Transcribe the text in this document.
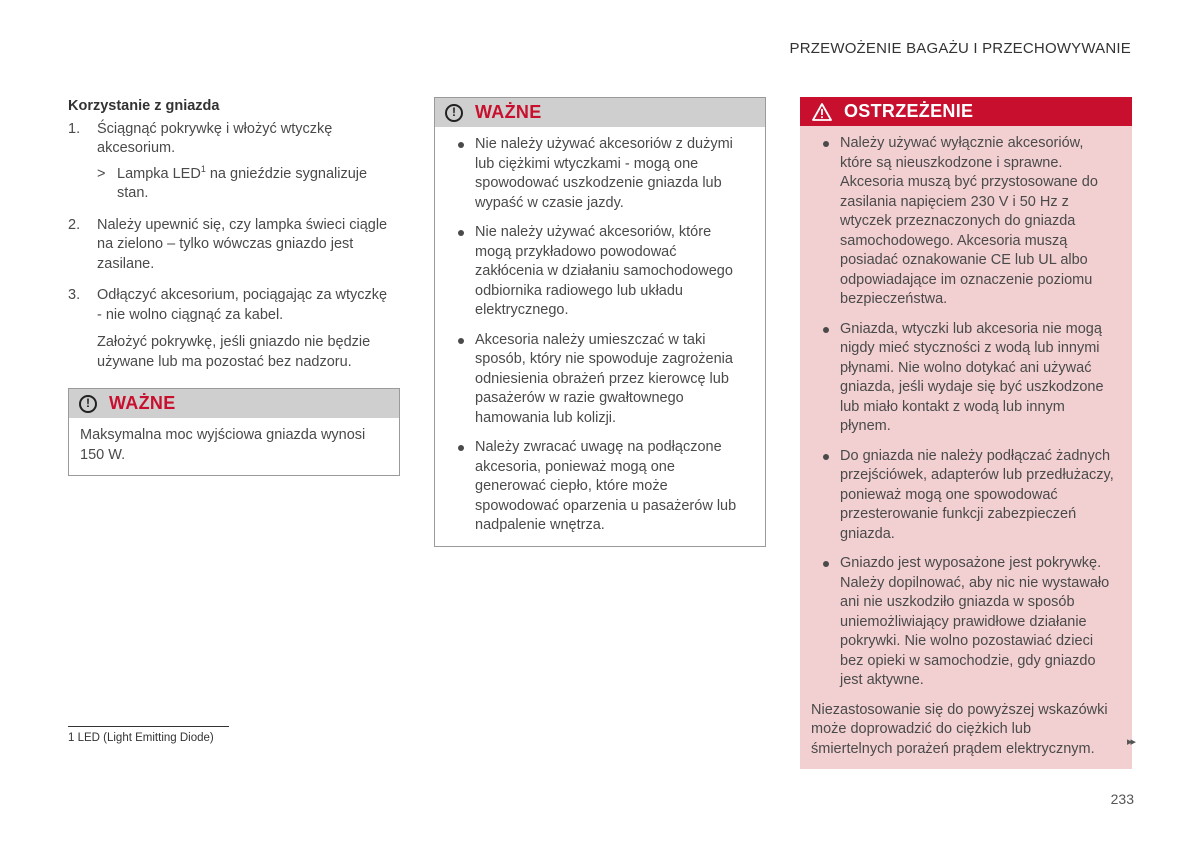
PRZEWOŻENIE BAGAŻU I PRZECHOWYWANIE
Korzystanie z gniazda
1. Ściągnąć pokrywkę i włożyć wtyczkę akcesorium.
> Lampka LED$^1$ na gnieździe sygnalizuje stan.
2. Należy upewnić się, czy lampka świeci ciągle na zielono – tylko wówczas gniazdo jest zasilane.
3. Odłączyć akcesorium, pociągając za wtyczkę - nie wolno ciągnąć za kabel.
Założyć pokrywkę, jeśli gniazdo nie będzie używane lub ma pozostać bez nadzoru.
!	WAŻNE
Maksymalna moc wyjściowa gniazda wynosi 150 W.
!	WAŻNE
Nie należy używać akcesoriów z dużymi lub ciężkimi wtyczkami - mogą one spowodować uszkodzenie gniazda lub wypaść w czasie jazdy.
Nie należy używać akcesoriów, które mogą przykładowo powodować zakłócenia w działaniu samochodowego odbiornika radiowego lub układu elektrycznego.
Akcesoria należy umieszczać w taki sposób, który nie spowoduje zagrożenia odniesienia obrażeń przez kierowcę lub pasażerów w razie gwałtownego hamowania lub kolizji.
Należy zwracać uwagę na podłączone akcesoria, ponieważ mogą one generować ciepło, które może spowodować oparzenia u pasażerów lub nadpalenie wnętrza.
OSTRZEŻENIE
Należy używać wyłącznie akcesoriów, które są nieuszkodzone i sprawne. Akcesoria muszą być przystosowane do zasilania napięciem 230 V i 50 Hz z wtyczek przeznaczonych do gniazda samochodowego. Akcesoria muszą posiadać oznakowanie CE lub UL albo odpowiadające im oznaczenie poziomu bezpieczeństwa.
Gniazda, wtyczki lub akcesoria nie mogą nigdy mieć styczności z wodą lub innymi płynami. Nie wolno dotykać ani używać gniazda, jeśli wydaje się być uszkodzone lub miało kontakt z wodą lub innym płynem.
Do gniazda nie należy podłączać żadnych przejściówek, adapterów lub przedłużaczy, ponieważ mogą one spowodować przesterowanie funkcji zabezpieczeń gniazda.
Gniazdo jest wyposażone jest pokrywkę. Należy dopilnować, aby nic nie wystawało ani nie uszkodziło gniazda w sposób uniemożliwiający prawidłowe działanie pokrywki. Nie wolno pozostawiać dzieci bez opieki w samochodzie, gdy gniazdo jest aktywne.
Niezastosowanie się do powyższej wskazówki może doprowadzić do ciężkich lub śmiertelnych porażeń prądem elektrycznym.
1 LED (Light Emitting Diode)	▸▸
233
